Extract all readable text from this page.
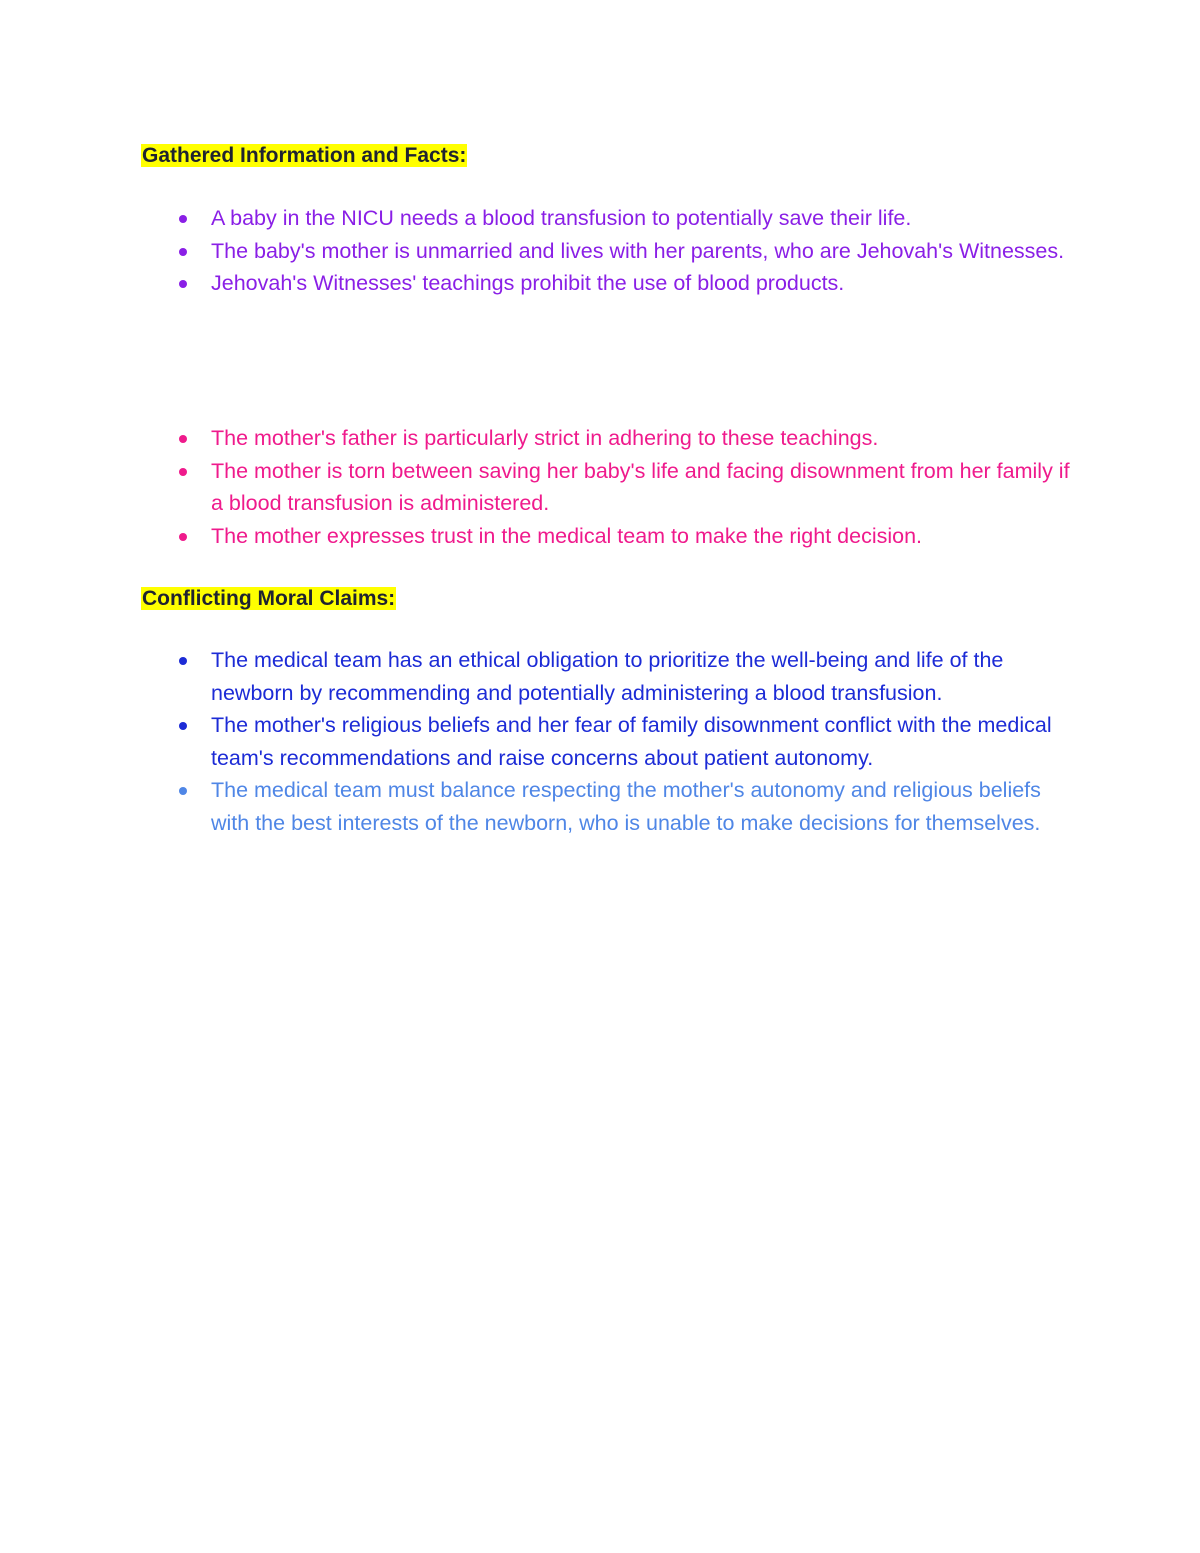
Gathered Information and Facts:
A baby in the NICU needs a blood transfusion to potentially save their life.
The baby's mother is unmarried and lives with her parents, who are Jehovah's Witnesses.
Jehovah's Witnesses' teachings prohibit the use of blood products.
The mother's father is particularly strict in adhering to these teachings.
The mother is torn between saving her baby's life and facing disownment from her family if a blood transfusion is administered.
The mother expresses trust in the medical team to make the right decision.
Conflicting Moral Claims:
The medical team has an ethical obligation to prioritize the well-being and life of the newborn by recommending and potentially administering a blood transfusion.
The mother's religious beliefs and her fear of family disownment conflict with the medical team's recommendations and raise concerns about patient autonomy.
The medical team must balance respecting the mother's autonomy and religious beliefs with the best interests of the newborn, who is unable to make decisions for themselves.
